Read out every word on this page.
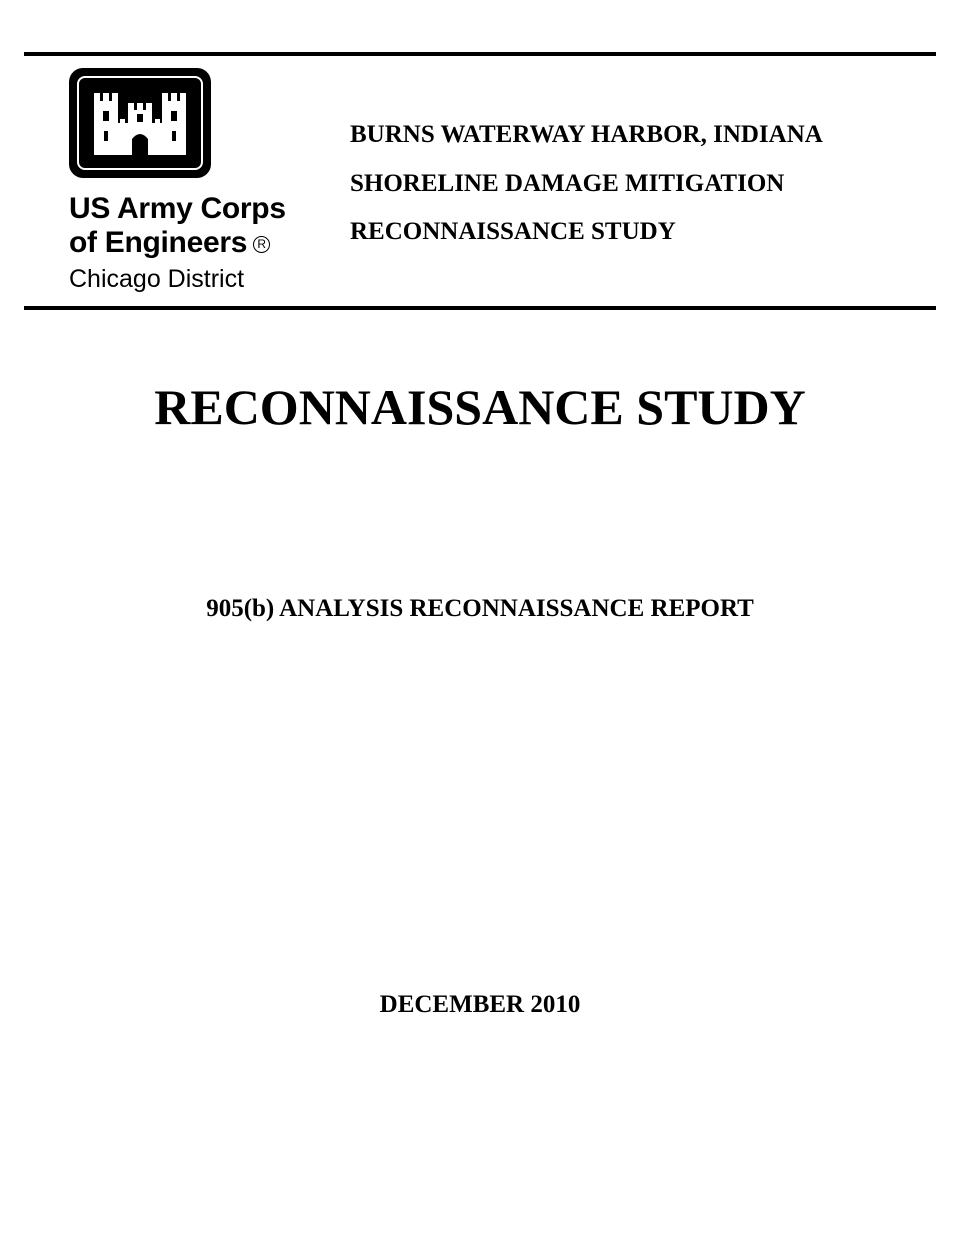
US Army Corps
of Engineers R
Chicago District
BURNS WATERWAY HARBOR, INDIANA
SHORELINE DAMAGE MITIGATION
RECONNAISSANCE STUDY
RECONNAISSANCE STUDY
905(b) ANALYSIS RECONNAISSANCE REPORT
DECEMBER 2010
